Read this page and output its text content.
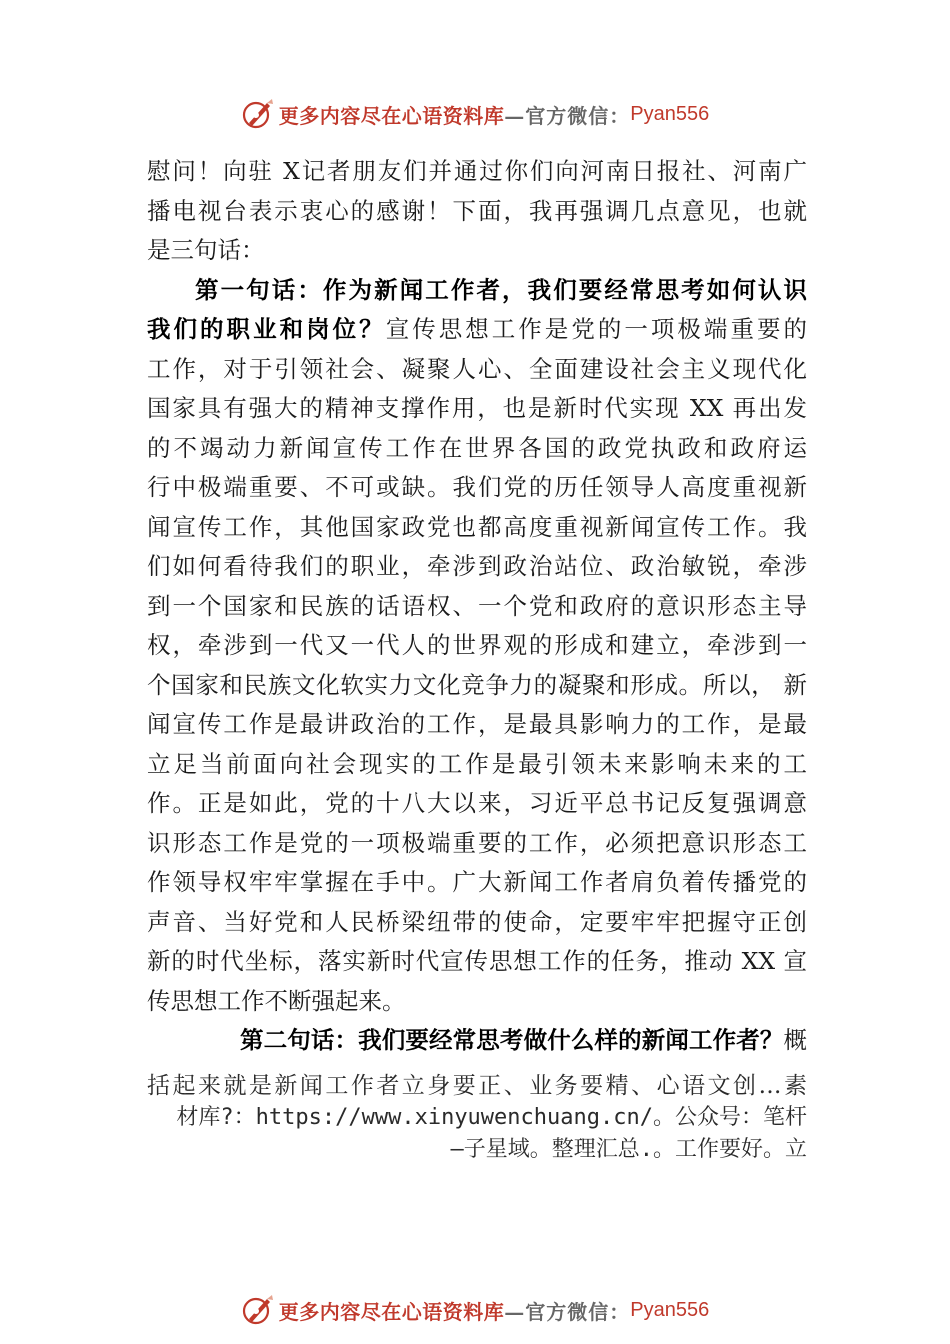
更多内容尽在心语资料库 —官方微信： Pyan556
慰问！向驻 X记者朋友们并通过你们向河南日报社、河南广
播电视台表示衷心的感谢！下面，我再强调几点意见，也就
是三句话：
第一句话：作为新闻工作者，我们要经常思考如何认识
我们的职业和岗位？宣传思想工作是党的一项极端重要的
工作，对于引领社会、凝聚人心、全面建设社会主义现代化
国家具有强大的精神支撑作用，也是新时代实现 XX 再出发
的不竭动力新闻宣传工作在世界各国的政党执政和政府运
行中极端重要、不可或缺。我们党的历任领导人高度重视新
闻宣传工作，其他国家政党也都高度重视新闻宣传工作。我
们如何看待我们的职业，牵涉到政治站位、政治敏锐，牵涉
到一个国家和民族的话语权、一个党和政府的意识形态主导
权，牵涉到一代又一代人的世界观的形成和建立，牵涉到一
个国家和民族文化软实力文化竞争力的凝聚和形成。所以， 新
闻宣传工作是最讲政治的工作，是最具影响力的工作，是最
立足当前面向社会现实的工作是最引领未来影响未来的工
作。正是如此，党的十八大以来，习近平总书记反复强调意
识形态工作是党的一项极端重要的工作，必须把意识形态工
作领导权牢牢掌握在手中。广大新闻工作者肩负着传播党的
声音、当好党和人民桥梁纽带的使命，定要牢牢把握守正创
新的时代坐标，落实新时代宣传思想工作的任务，推动 XX 宣
传思想工作不断强起来。
第二句话：我们要经常思考做什么样的新闻工作者？概
括起来就是新闻工作者立身要正、业务要精、心语文创…素
材库?：https://www.xinyuwenchuang.cn/。公众号：笔杆
—子星域。整理汇总.。工作要好。立
更多内容尽在心语资料库 —官方微信： Pyan556
